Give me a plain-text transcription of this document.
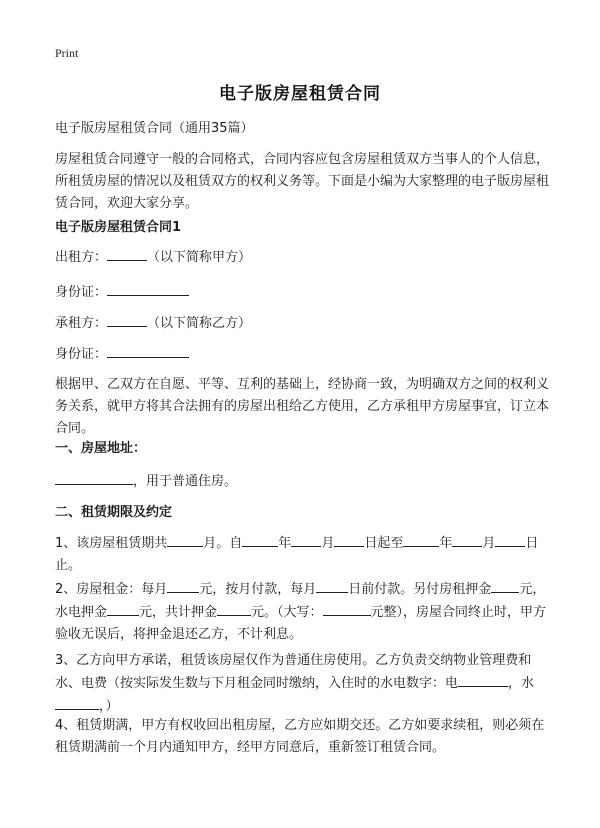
Print
电子版房屋租赁合同

电子版房屋租赁合同（通用35篇）

房屋租赁合同遵守一般的合同格式，合同内容应包含房屋租赁双方当事人的个人信息，所租赁房屋的情况以及租赁双方的权利义务等。下面是小编为大家整理的电子版房屋租赁合同，欢迎大家分享。

电子版房屋租赁合同1

出租方：	（以下简称甲方）

身份证：

承租方：	（以下简称乙方）

身份证：

根据甲、乙双方在自愿、平等、互利的基础上，经协商一致，为明确双方之间的权利义务关系，就甲方将其合法拥有的房屋出租给乙方使用，乙方承租甲方房屋事宜，订立本合同。

一、房屋地址：

，用于普通住房。

二、租赁期限及约定

1、该房屋租赁期共	月。自	年 月 日起至	年 月 日止。

2、房屋租金：每月 元，按月付款，每月 日前付款。另付房租押金 元，水电押金 元，共计押金	元。（大写：	元整），房屋合同终止时，甲方验收无误后，将押金退还乙方，不计利息。

3、乙方向甲方承诺，租赁该房屋仅作为普通住房使用。乙方负责交纳物业管理费和水、电费（按实际发生数与下月租金同时缴纳，入住时的水电数字：电	，水，）

4、租赁期满，甲方有权收回出租房屋，乙方应如期交还。乙方如要求续租，则必须在租赁期满前一个月内通知甲方，经甲方同意后，重新签订租赁合同。
